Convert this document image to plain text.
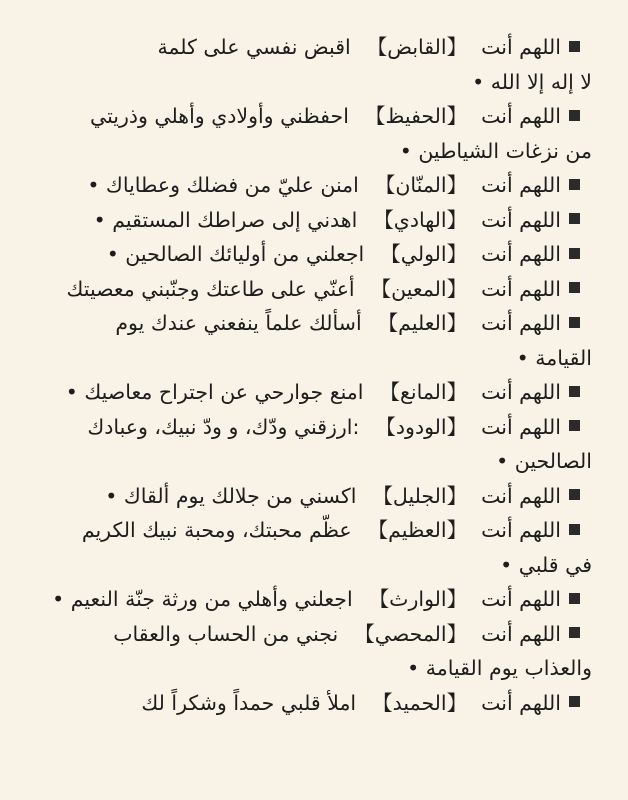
اللهم أنت【القابض】اقبض نفسي على كلمة
لا إله إلا الله •
اللهم أنت【الحفيظ】احفظني وأولادي وأهلي وذريتي
من نزغات الشياطين •
اللهم أنت【المنّان】امنن عليّ من فضلك وعطاياك •
اللهم أنت【الهادي】اهدني إلى صراطك المستقيم •
اللهم أنت【الولي】اجعلني من أوليائك الصالحين •
اللهم أنت【المعين】أعنّي على طاعتك وجنّبني معصيتك
اللهم أنت【العليم】أسألك علماً ينفعني عندك يوم
القيامة •
اللهم أنت【المانع】امنع جوارحي عن اجتراح معاصيك •
اللهم أنت【الودود】:ارزقني ودّك، و ودّ نبيك، وعبادك
الصالحين •
اللهم أنت【الجليل】اكسني من جلالك يوم ألقاك •
اللهم أنت【العظيم】عظّم محبتك، ومحبة نبيك الكريم
في قلبي •
اللهم أنت【الوارث】اجعلني وأهلي من ورثة جنّة النعيم •
اللهم أنت【المحصي】نجني من الحساب والعقاب
والعذاب يوم القيامة •
اللهم أنت【الحميد】املأ قلبي حمداً وشكراً لك
